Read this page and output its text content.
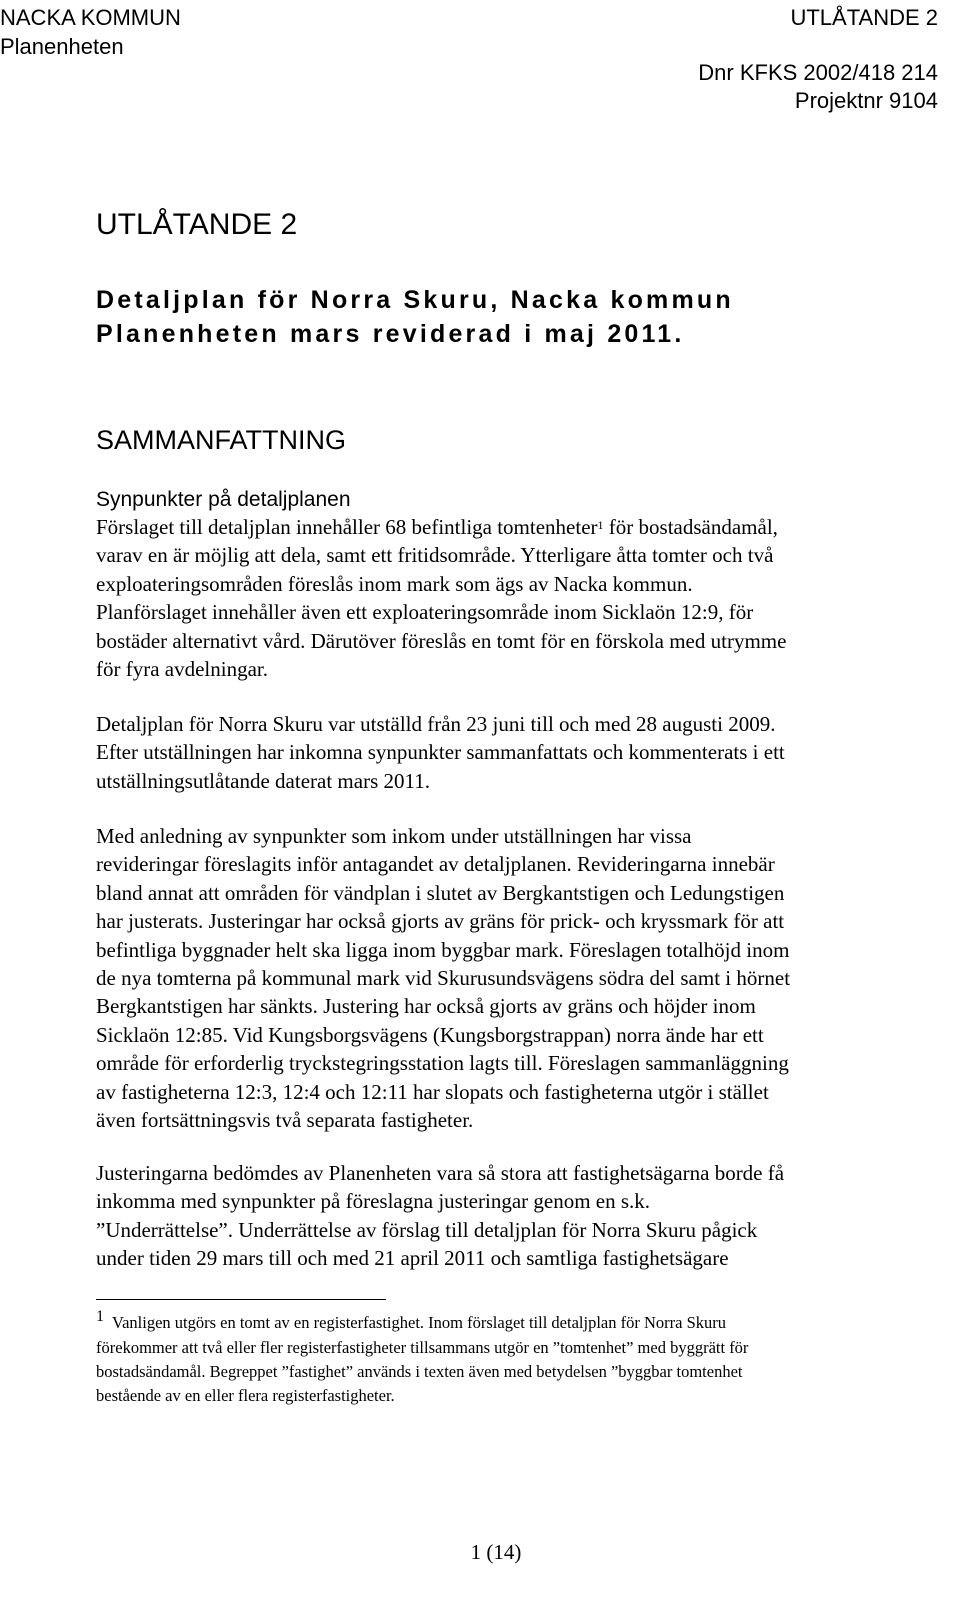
NACKA KOMMUN
Planenheten
UTLÅTANDE 2
Dnr KFKS 2002/418 214
Projektnr 9104
UTLÅTANDE 2
Detaljplan för Norra Skuru, Nacka kommun
Planenheten mars reviderad i maj 2011.
SAMMANFATTNING
Synpunkter på detaljplanen
Förslaget till detaljplan innehåller 68 befintliga tomtenheter$^1$ för bostadsändamål,
varav en är möjlig att dela, samt ett fritidsområde. Ytterligare åtta tomter och två
exploateringsområden föreslås inom mark som ägs av Nacka kommun.
Planförslaget innehåller även ett exploateringsområde inom Sicklaön 12:9, för
bostäder alternativt vård. Därutöver föreslås en tomt för en förskola med utrymme
för fyra avdelningar.
Detaljplan för Norra Skuru var utställd från 23 juni till och med 28 augusti 2009.
Efter utställningen har inkomna synpunkter sammanfattats och kommenterats i ett
utställningsutlåtande daterat mars 2011.
Med anledning av synpunkter som inkom under utställningen har vissa
revideringar föreslagits inför antagandet av detaljplanen. Revideringarna innebär
bland annat att områden för vändplan i slutet av Bergkantstigen och Ledungstigen
har justerats. Justeringar har också gjorts av gräns för prick- och kryssmark för att
befintliga byggnader helt ska ligga inom byggbar mark. Föreslagen totalhöjd inom
de nya tomterna på kommunal mark vid Skurusundsvägens södra del samt i hörnet
Bergkantstigen har sänkts. Justering har också gjorts av gräns och höjder inom
Sicklaön 12:85. Vid Kungsborgsvägens (Kungsborgstrappan) norra ände har ett
område för erforderlig tryckstegringsstation lagts till. Föreslagen sammanläggning
av fastigheterna 12:3, 12:4 och 12:11 har slopats och fastigheterna utgör i stället
även fortsättningsvis två separata fastigheter.
Justeringarna bedömdes av Planenheten vara så stora att fastighetsägarna borde få
inkomma med synpunkter på föreslagna justeringar genom en s.k.
”Underrättelse”. Underrättelse av förslag till detaljplan för Norra Skuru pågick
under tiden 29 mars till och med 21 april 2011 och samtliga fastighetsägare
1 Vanligen utgörs en tomt av en registerfastighet. Inom förslaget till detaljplan för Norra Skuru
förekommer att två eller fler registerfastigheter tillsammans utgör en ”tomtenhet” med byggrätt för
bostadsändamål. Begreppet ”fastighet” används i texten även med betydelsen ”byggbar tomtenhet
bestående av en eller flera registerfastigheter.
1 (14)
